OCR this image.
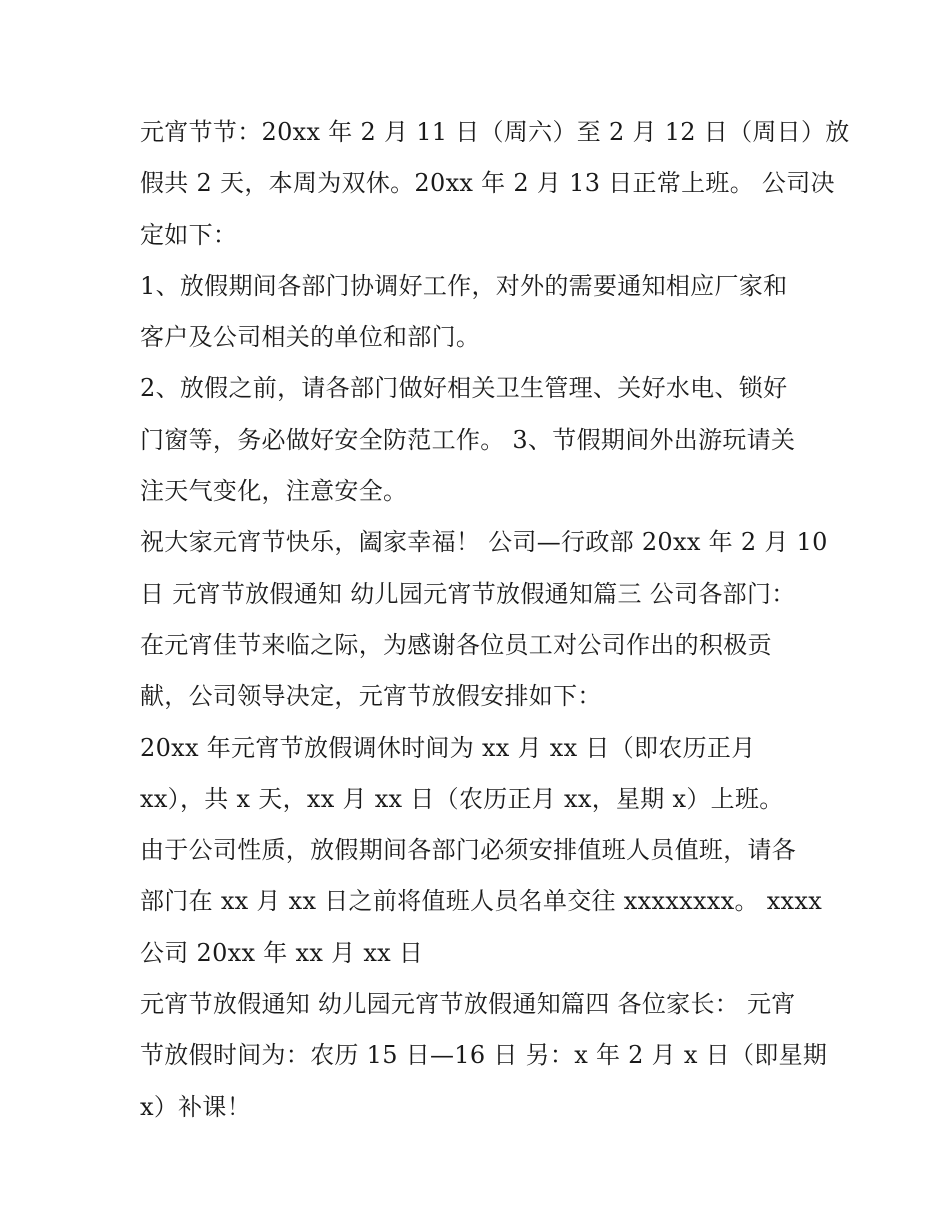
元宵节节：20xx 年 2 月 11 日（周六）至 2 月 12 日（周日）放
假共 2 天，本周为双休。20xx 年 2 月 13 日正常上班。 公司决
定如下：
1、放假期间各部门协调好工作，对外的需要通知相应厂家和
客户及公司相关的单位和部门。
2、放假之前，请各部门做好相关卫生管理、关好水电、锁好
门窗等，务必做好安全防范工作。 3、节假期间外出游玩请关
注天气变化，注意安全。
祝大家元宵节快乐，阖家幸福！ 公司—行政部 20xx 年 2 月 10
日 元宵节放假通知 幼儿园元宵节放假通知篇三 公司各部门：
在元宵佳节来临之际，为感谢各位员工对公司作出的积极贡
献，公司领导决定，元宵节放假安排如下：
20xx 年元宵节放假调休时间为 xx 月 xx 日（即农历正月
xx），共 x 天，xx 月 xx 日（农历正月 xx，星期 x）上班。
由于公司性质，放假期间各部门必须安排值班人员值班，请各
部门在 xx 月 xx 日之前将值班人员名单交往 xxxxxxxx。 xxxx
公司 20xx 年 xx 月 xx 日
元宵节放假通知 幼儿园元宵节放假通知篇四 各位家长： 元宵
节放假时间为：农历 15 日—16 日 另：x 年 2 月 x 日（即星期
x）补课！
